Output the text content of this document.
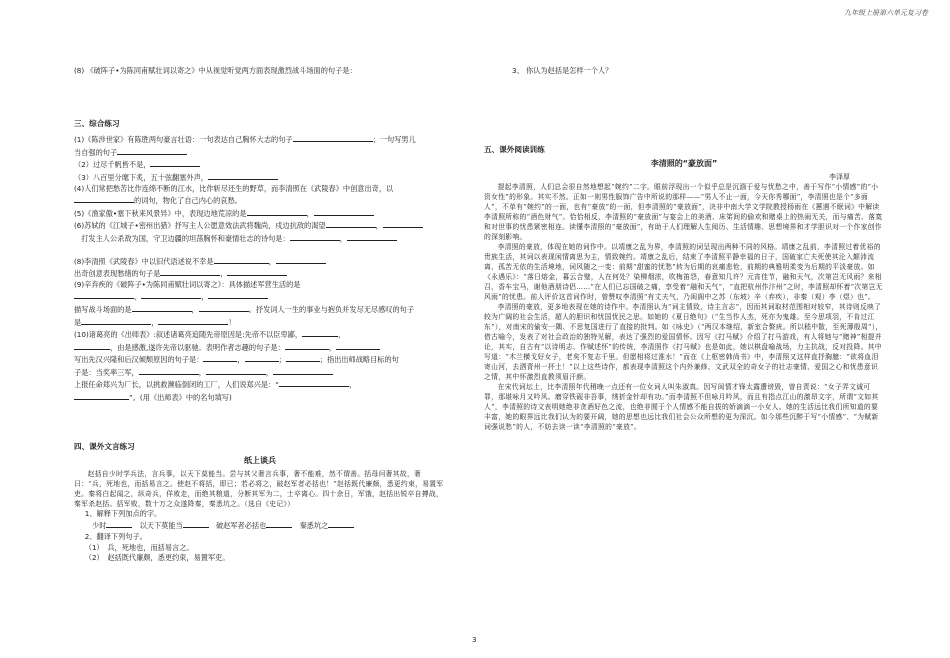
九年级上册第六单元复习卷

(8) 《破阵子•为陈同甫赋壮词以寄之》中从视觉听觉两方面表现激烈战斗场面的句子是：

三、综合练习

(1)《陈涉世家》有陈胜两句豪言壮语：一句表达自己胸怀大志的句子	；一句写男儿

当自强的句子

（2）过尽千帆皆不是，

（3）八百里分麾下炙，五十弦翻塞外声，

(4)人们常把愁苦比作连绵不断的江水，比作斩尽还生的野草，而李清照在《武陵春》中创意出奇，以

的词句，物化了自己内心的哀愁。

(5)《渔家傲•塞下秋来风景异》中，表现边地荒凉的是	，

(6)苏轼的《江城子•密州出猎》抒写主人公愿意效法武将魏尚，戍边抗敌的渴望	，

　打发主人公杀敌为国，守卫边疆的坦荡胸怀和豪情壮志的诗句是：	，

(8)李清照《武陵春》中以旧代语述说不幸是	，

出奇创意表现愁绪的句子是	，

(9)辛弃疾的《破阵子•为陈同甫赋壮词以寄之》：具体描述军营生活的是

，	，

描写战斗场面的是	，	。抒发词人一生的事业与抱负并发尽无尽感叹的句子

是	，	！

(10)诸葛亮的《出师表》:叙述诸葛亮追随先帝原因是:先帝不以臣卑鄙，	，

，由是感激,遂许先帝以驱驰。表明作者志趣的句子是：	，

写出先汉兴隆和后汉倾颓原因的句子是：	，	；	；指出出师战略目标的句

子是：当奖率三军，	，	，

上报任命郑兴为厂长，以挑救濒临倒闭的工厂，人们说郑兴是：“	，

”。(用《出师表》中的名句填写)

四、课外文言练习
纸上谈兵

赵括自少时学兵法，言兵事，以天下莫能当。尝与其父奢言兵事，奢不能难，然不谓善。括母问奢其故，奢曰：“兵，死地也，而括易言之。使赵不将括，即已；若必将之，破赵军者必括也！”赵括既代廉颇，悉更约束，易置军吏。秦将白起闻之，纵奇兵，佯败走，而绝其粮道，分断其军为二，士卒离心。四十余日，军饿，赵括出锐卒自搏战，秦军杀赵括。括军败，数十万之众遂降秦，秦悉坑之。（选自《史记》）

1、解释下列加点的字。

少时　	以天下莫能当　	破赵军者必括也　	秦悉坑之

2、翻译下列句子。

（1）　兵，死地也，而括易言之。

（2）　赵括既代廉颇，悉更约束，易置军吏。

3、 你认为赵括是怎样一个人？

五、课外阅读训练
李清照的“豪放面”
李泽厚

提起李清照，人们总会很自然地想起“婉约”二字。眼前浮现出一个似乎总是沉湎于爱与忧愁之中，善于写作“小情感”的“小资女性”的形象。其实不然。正如一则男性服饰广告中所说的那样——“男人不止一面，今天你秀哪面”，李清照也是个“多面人”，不单有“婉约”的一面，也有“豪放”的一面，但李清照的“豪放面”，决非中南大学文学院教授杨雨在《蕙遇不眠词》中解读李清照所称的“酒色财气”。恰恰相反，李清照的“豪放面”与宴会上的美酒、床笫间的偷欢和赌桌上的热闹无关，而与痛苦、落寞和对世事的忧患紧密相连。读懂李清照的“豪放面”，有助于人们理解人生阅历、生活情趣、思想境界和才学胆识对一个作家创作的深刻影响。

李清照的豪放，体现在她的词作中。以靖康之乱为界，李清照的词呈现出两种不同的风格。靖康之乱前，李清照过着优裕的贵族生活，其词以表现闲情离思为主，情致婉约。靖康之乱后，结束了李清照平静幸福的日子，国破家亡夫死使其沦入颠沛流离、孤苦无依的生活境地，词风随之一变：前期“甜蜜的忧愁”转为后期的哀痛悲怆，前期的典雅明柔变为后期的平淡豪放。如《永遇乐》：“落日熔金，暮云合璧，人在何处？染柳烟浓，吹梅笛怨，春意知几许？元宵佳节，融和天气，次第岂无风雨？来相召，香车宝马，谢他酒朋诗侣……”在人们已忘国破之痛，享受着“融和天气”，“直把杭州作汴州”之时，李清照却怀着“次第岂无风雨”的忧患。前人评价这首词作时，曾赞叹李清照“有丈夫气，乃闺阁中之苏（东坡）辛（弃疾），非秦（观）李（煜）也”。

李清照的豪放，更多地表现在她的诗作中。李清照认为“词主情致，诗主言志”，因而其词取材范围相对较窄，其诗则反映了较为广阔的社会生活，超人的胆识和忧国忧民之思。如她的《夏日绝句》（“生当作人杰，死亦为鬼雄。至今思项羽，不肯过江东”），对南宋的偷安一隅、不思复国进行了直接的批判。如《咏史》（“两汉本继绍，新室合赘疣。所以嵇中散，至死薄殷周”），借古喻今，发表了对社会政治的独特见解，表达了强烈的爱国情怀。因写《打马赋》介绍了打马游戏，有人将她与“赌神”相提并论，其实，自古有“以诗明志、作赋述怀”的传统，李清照作《打马赋》也是如此，她以棋盘喻战场，力主抗战，反对投降。其中写道：“木兰横戈好女子，老矣不复志千里。但愿相将过淮水！”而在《上枢密韩尚书》中，李清照又这样直抒胸臆：“欲将血泪寄山河，去洒青州一抔土！”以上这些诗作，都表现李清照这个内外兼修、文武双全的奇女子的壮志豪情、爱国之心和忧患意识之情，其中怀激烈直教须眉汗颜。

在宋代词坛上，比李清照年代稍晚一点还有一位女词人叫朱淑真。因写闺情才锋太露遭谤毁，曾自责说：“女子弄文诚可罪，那堪咏月又吟风。磨穿铁砚非吾事，绣折金针却有功。”而李清照不但咏月吟风，而且有指点江山的激昂文字，所谓“文如其人”，李清照的诗文表明她绝非贪酒好色之流，也绝非囿于个人情感不能自拔的娇滴滴一小女人。她的生活远比我们所知道的要丰富，她的眼界远比我们认为的要开阔，她的思想也远比我们社会公众所想的更为深沉。如今那些沉醉于写“小情感”、“为赋新词强说愁”的人，不妨去读一读“李清照的“豪放”。

3
